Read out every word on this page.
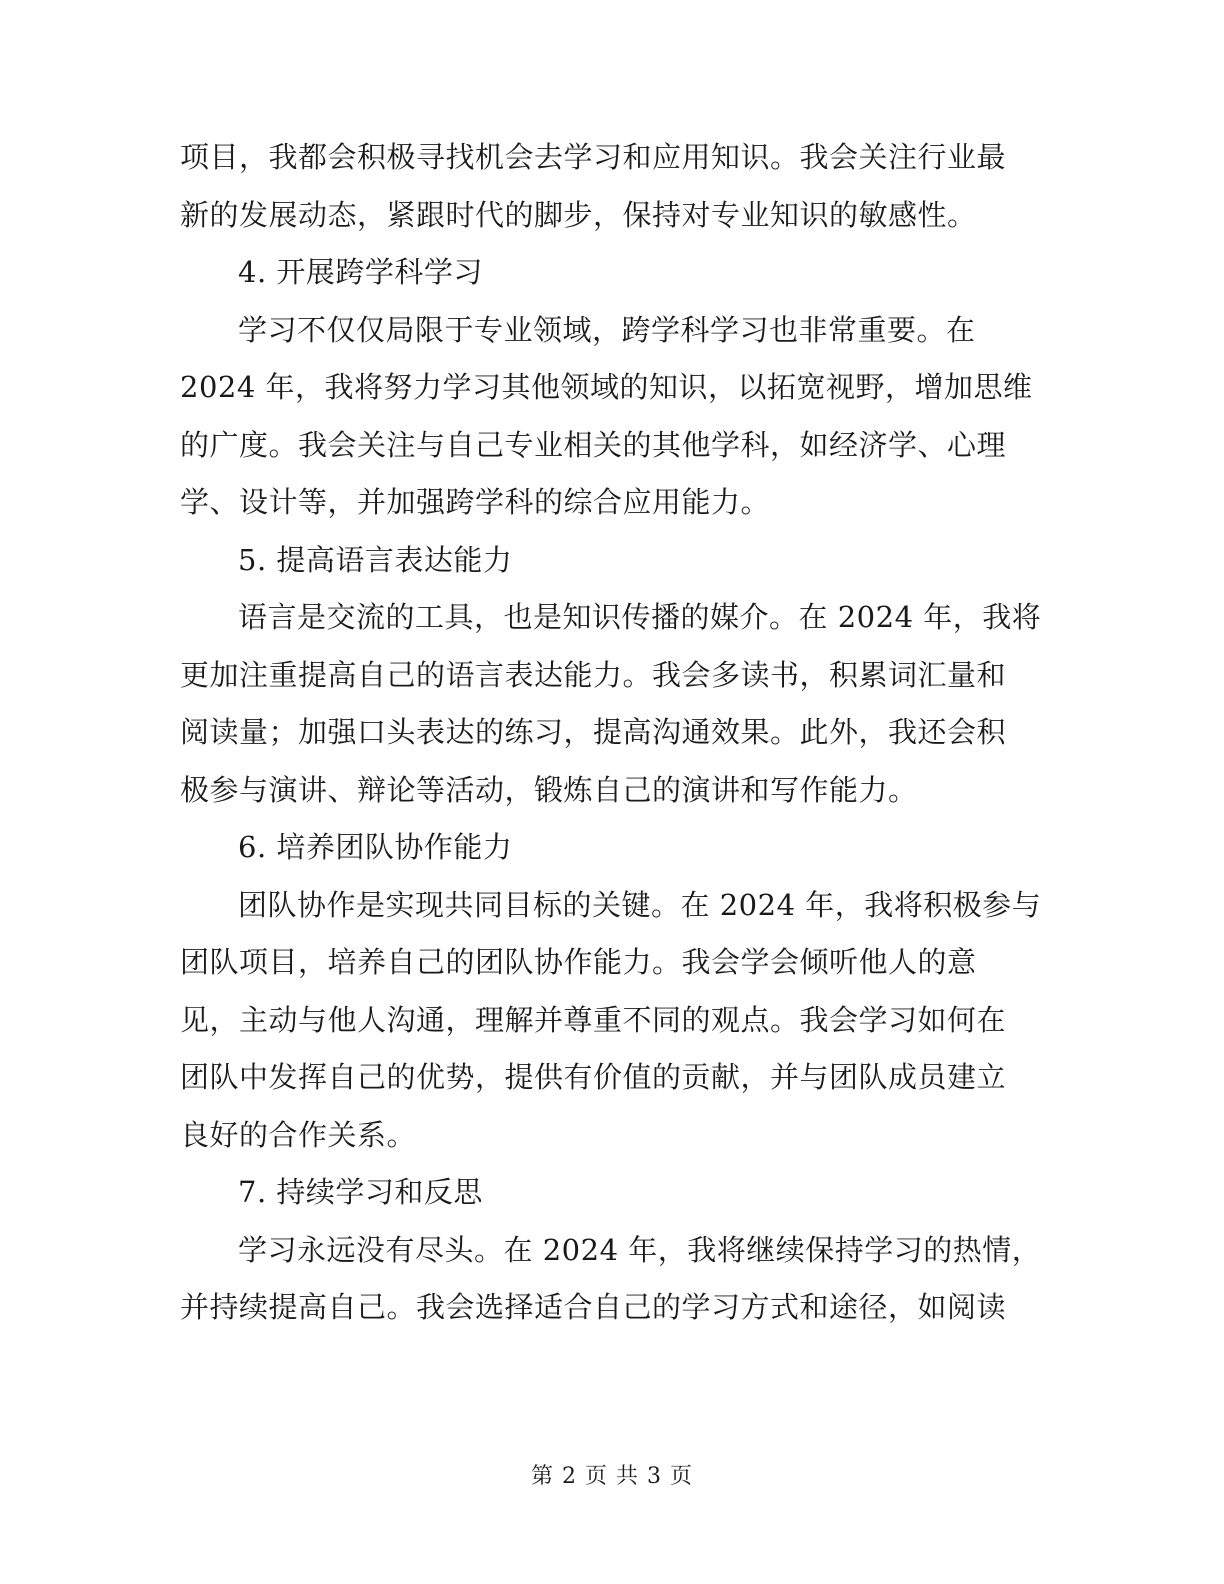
项目，我都会积极寻找机会去学习和应用知识。我会关注行业最
新的发展动态，紧跟时代的脚步，保持对专业知识的敏感性。
4. 开展跨学科学习
学习不仅仅局限于专业领域，跨学科学习也非常重要。在
2024 年，我将努力学习其他领域的知识，以拓宽视野，增加思维
的广度。我会关注与自己专业相关的其他学科，如经济学、心理
学、设计等，并加强跨学科的综合应用能力。
5. 提高语言表达能力
语言是交流的工具，也是知识传播的媒介。在 2024 年，我将
更加注重提高自己的语言表达能力。我会多读书，积累词汇量和
阅读量；加强口头表达的练习，提高沟通效果。此外，我还会积
极参与演讲、辩论等活动，锻炼自己的演讲和写作能力。
6. 培养团队协作能力
团队协作是实现共同目标的关键。在 2024 年，我将积极参与
团队项目，培养自己的团队协作能力。我会学会倾听他人的意
见，主动与他人沟通，理解并尊重不同的观点。我会学习如何在
团队中发挥自己的优势，提供有价值的贡献，并与团队成员建立
良好的合作关系。
7. 持续学习和反思
学习永远没有尽头。在 2024 年，我将继续保持学习的热情，
并持续提高自己。我会选择适合自己的学习方式和途径，如阅读
第 2 页 共 3 页
